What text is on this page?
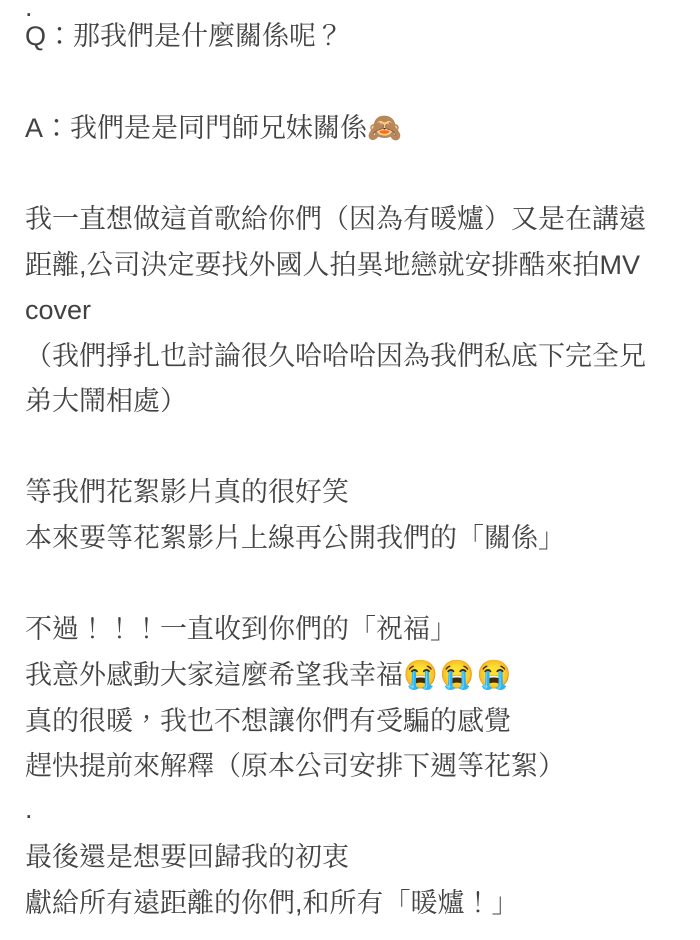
.
Q：那我們是什麼關係呢？
A：我們是是同門師兄妹關係🙈
我一直想做這首歌給你們（因為有暖爐）又是在講遠
距離,公司決定要找外國人拍異地戀就安排酷來拍MV
cover
（我們掙扎也討論很久哈哈哈因為我們私底下完全兄
弟大鬧相處）
等我們花絮影片真的很好笑
本來要等花絮影片上線再公開我們的「關係」
不過！！！一直收到你們的「祝福」
我意外感動大家這麼希望我幸福😭😭😭
真的很暖，我也不想讓你們有受騙的感覺
趕快提前來解釋（原本公司安排下週等花絮）
.
最後還是想要回歸我的初衷
獻給所有遠距離的你們,和所有「暖爐！」
